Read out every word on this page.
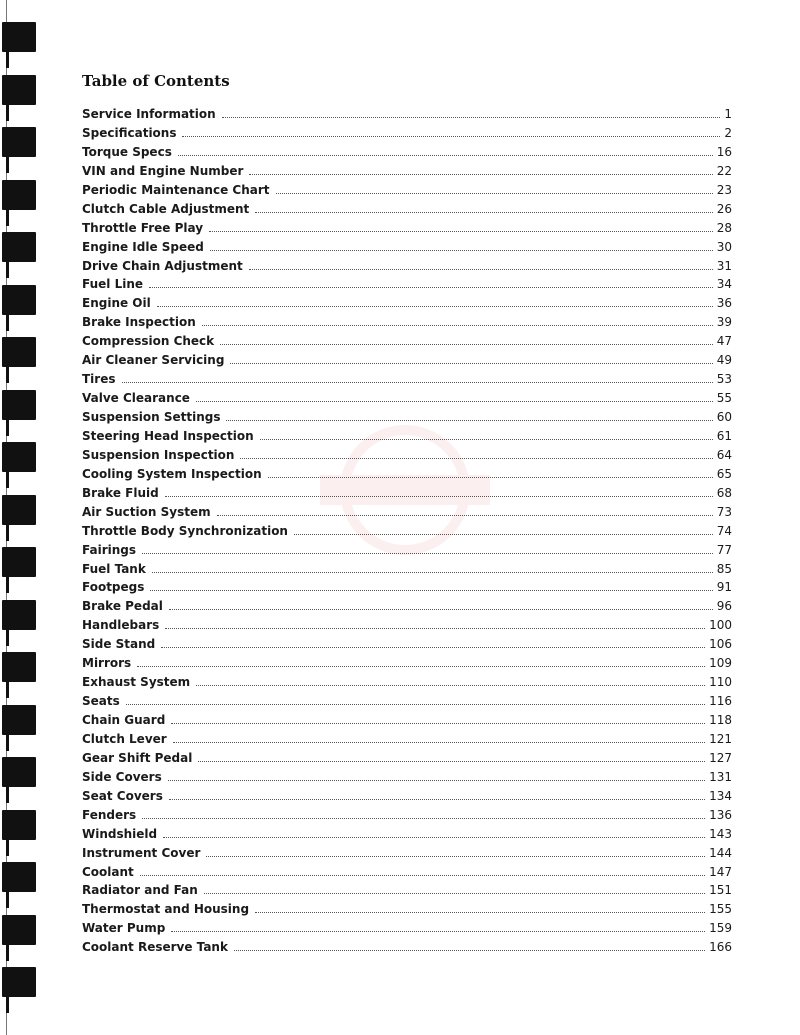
Table of Contents
Service Information	1
Specifications	2
Torque Specs	16
VIN and Engine Number	22
Periodic Maintenance Chart	23
Clutch Cable Adjustment	26
Throttle Free Play	28
Engine Idle Speed	30
Drive Chain Adjustment	31
Fuel Line	34
Engine Oil	36
Brake Inspection	39
Compression Check	47
Air Cleaner Servicing	49
Tires	53
Valve Clearance	55
Suspension Settings	60
Steering Head Inspection	61
Suspension Inspection	64
Cooling System Inspection	65
Brake Fluid	68
Air Suction System	73
Throttle Body Synchronization	74
Fairings	77
Fuel Tank	85
Footpegs	91
Brake Pedal	96
Handlebars	100
Side Stand	106
Mirrors	109
Exhaust System	110
Seats	116
Chain Guard	118
Clutch Lever	121
Gear Shift Pedal	127
Side Covers	131
Seat Covers	134
Fenders	136
Windshield	143
Instrument Cover	144
Coolant	147
Radiator and Fan	151
Thermostat and Housing	155
Water Pump	159
Coolant Reserve Tank	166
